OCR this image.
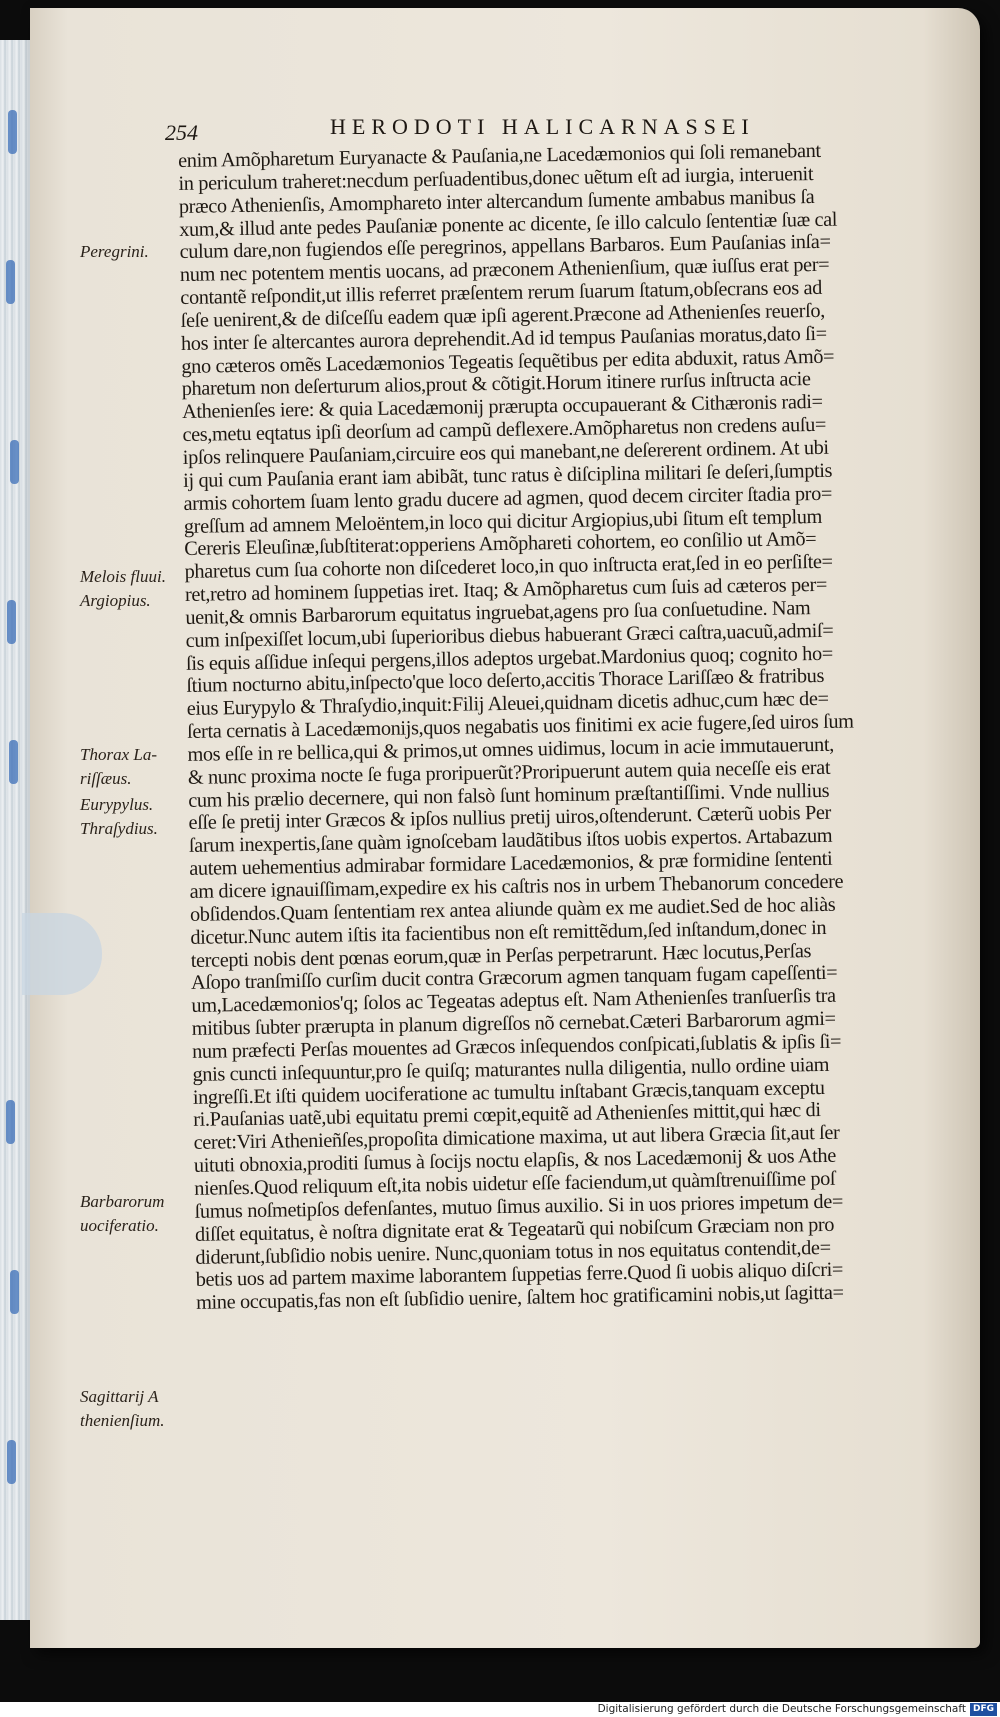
254	HERODOTI HALICARNASSEI
Peregrini.
Melois fluui.
Argiopius.
Thorax La-
riſſæus.
Eurypylus.
Thraſydius.
Barbarorum
uociferatio.
Sagittarij A
thenienſium.
enim Amõpharetum Euryanacte & Pauſania,ne Lacedæmonios qui ſoli remanebant
in periculum traheret:necdum perſuadentibus,donec uẽtum eſt ad iurgia, interuenit
præco Athenienſis, Amompharetо inter altercandum ſumente ambabus manibus ſa
xum,& illud ante pedes Pauſaniæ ponente ac dicente, ſe illo calculo ſententiæ ſuæ cal
culum dare,non fugiendos eſſe peregrinos, appellans Barbaros. Eum Pauſanias inſa=
num nec potentem mentis uocans, ad præconem Athenienſium, quæ iuſſus erat per=
contantẽ reſpondit,ut illis referret præſentem rerum ſuarum ſtatum,obſecrans eos ad
ſeſe uenirent,& de diſceſſu eadem quæ ipſi agerent.Præcone ad Athenienſes reuerſo,
hos inter ſe altercantes aurora deprehendit.Ad id tempus Pauſanias moratus,dato ſi=
gno cæteros omẽs Lacedæmonios Tegeatis ſequẽtibus per edita abduxit, ratus Amõ=
pharetum non deſerturum alios,prout & cõtigit.Horum itinere rurſus inſtructa acie
Athenienſes iere: & quia Lacedæmonij prærupta occupauerant & Cithæronis radi=
ces,metu eqtatus ipſi deorſum ad campũ deflexere.Amõpharetus non credens auſu=
ipſos relinquere Pauſaniam,circuire eos qui manebant,ne deſererent ordinem. At ubi
ij qui cum Pauſania erant iam abibãt, tunc ratus è diſciplina militari ſe deſeri,ſumptis
armis cohortem ſuam lento gradu ducere ad agmen, quod decem circiter ſtadia pro=
greſſum ad amnem Meloëntem,in loco qui dicitur Argiopius,ubi ſitum eſt templum
Cereris Eleuſinæ,ſubſtiterat:opperiens Amõphareti cohortem, eo conſilio ut Amõ=
pharetus cum ſua cohorte non diſcederet loco,in quo inſtructa erat,ſed in eo perſiſte=
ret,retro ad hominem ſuppetias iret. Itaq; & Amõpharetus cum ſuis ad cæteros per=
uenit,& omnis Barbarorum equitatus ingruebat,agens pro ſua conſuetudine. Nam
cum inſpexiſſet locum,ubi ſuperioribus diebus habuerant Græci caſtra,uacuũ,admiſ=
ſis equis aſſidue inſequi pergens,illos adeptos urgebat.Mardonius quoq; cognito ho=
ſtium nocturno abitu,inſpecto'que loco deſerto,accitis Thorace Lariſſæo & fratribus
eius Eurypylo & Thraſydio,inquit:Filij Aleuei,quidnam dicetis adhuc,cum hæc de=
ſerta cernatis à Lacedæmonijs,quos negabatis uos finitimi ex acie fugere,ſed uiros ſum
mos eſſe in re bellica,qui & primos,ut omnes uidimus, locum in acie immutauerunt,
& nunc proxima nocte ſe fuga proripuerũt?Proripuerunt autem quia neceſſe eis erat
cum his prælio decernere, qui non falsò ſunt hominum præſtantiſſimi. Vnde nullius
eſſe ſe pretij inter Græcos & ipſos nullius pretij uiros,oſtenderunt. Cæterũ uobis Per
ſarum inexpertis,ſane quàm ignoſcebam laudãtibus iſtos uobis expertos. Artabazum
autem uehementius admirabar formidare Lacedæmonios, & præ formidine ſententi
am dicere ignauiſſimam,expedire ex his caſtris nos in urbem Thebanorum concedere
obſidendos.Quam ſententiam rex antea aliunde quàm ex me audiet.Sed de hoc aliàs
dicetur.Nunc autem iſtis ita facientibus non eſt remittẽdum,ſed inſtandum,donec in
tercepti nobis dent pœnas eorum,quæ in Perſas perpetrarunt. Hæc locutus,Perſas
Aſopo tranſmiſſo curſim ducit contra Græcorum agmen tanquam fugam capeſſenti=
um,Lacedæmonios'q; ſolos ac Tegeatas adeptus eſt. Nam Athenienſes tranſuerſis tra
mitibus ſubter prærupta in planum digreſſos nõ cernebat.Cæteri Barbarorum agmi=
num præfecti Perſas mouentes ad Græcos inſequendos conſpicati,ſublatis & ipſis ſi=
gnis cuncti inſequuntur,pro ſe quiſq; maturantes nulla diligentia, nullo ordine uiam
ingreſſi.Et iſti quidem uociferatione ac tumultu inſtabant Græcis,tanquam exceptu
ri.Pauſanias uatẽ,ubi equitatu premi cœpit,equitẽ ad Athenienſes mittit,qui hæc di
ceret:Viri Athenieñſes,propoſita dimicatione maxima, ut aut libera Græcia ſit,aut ſer
uituti obnoxia,proditi ſumus à ſocijs noctu elapſis, & nos Lacedæmonij & uos Athe
nienſes.Quod reliquum eſt,ita nobis uidetur eſſe faciendum,ut quàmſtrenuiſſime poſ
ſumus noſmetipſos defenſantes, mutuo ſimus auxilio. Si in uos priores impetum de=
diſſet equitatus, è noſtra dignitate erat & Tegeatarũ qui nobiſcum Græciam non pro
diderunt,ſubſidio nobis uenire. Nunc,quoniam totus in nos equitatus contendit,de=
betis uos ad partem maxime laborantem ſuppetias ferre.Quod ſi uobis aliquo diſcri=
mine occupatis,fas non eſt ſubſidio uenire, ſaltem hoc gratificamini nobis,ut ſagitta=
Digitalisierung gefördert durch die Deutsche Forschungsgemeinschaft DFG
